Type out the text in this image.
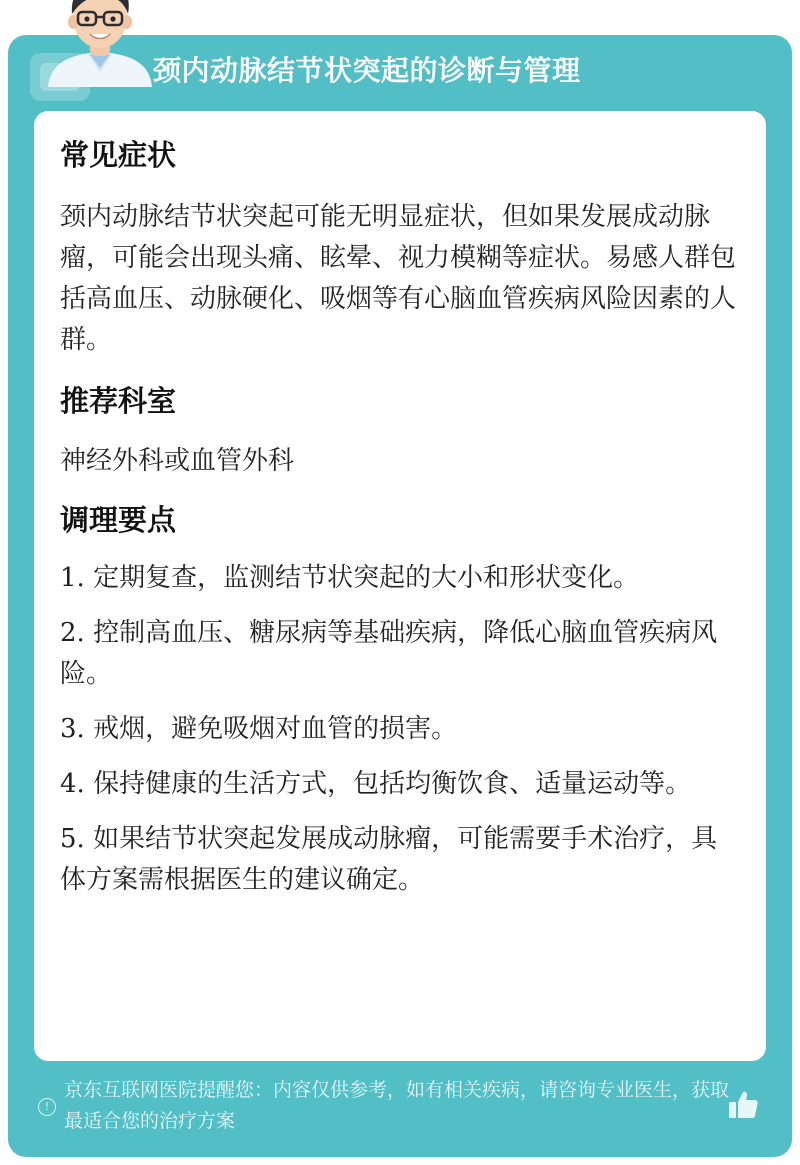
颈内动脉结节状突起的诊断与管理
常见症状

颈内动脉结节状突起可能无明显症状，但如果发展成动脉瘤，可能会出现头痛、眩晕、视力模糊等症状。易感人群包括高血压、动脉硬化、吸烟等有心脑血管疾病风险因素的人群。

推荐科室

神经外科或血管外科

调理要点
1. 定期复查，监测结节状突起的大小和形状变化。
2. 控制高血压、糖尿病等基础疾病，降低心脑血管疾病风险。
3. 戒烟，避免吸烟对血管的损害。
4. 保持健康的生活方式，包括均衡饮食、适量运动等。
5. 如果结节状突起发展成动脉瘤，可能需要手术治疗，具体方案需根据医生的建议确定。
!
京东互联网医院提醒您：内容仅供参考，如有相关疾病，请咨询专业医生，获取最适合您的治疗方案
